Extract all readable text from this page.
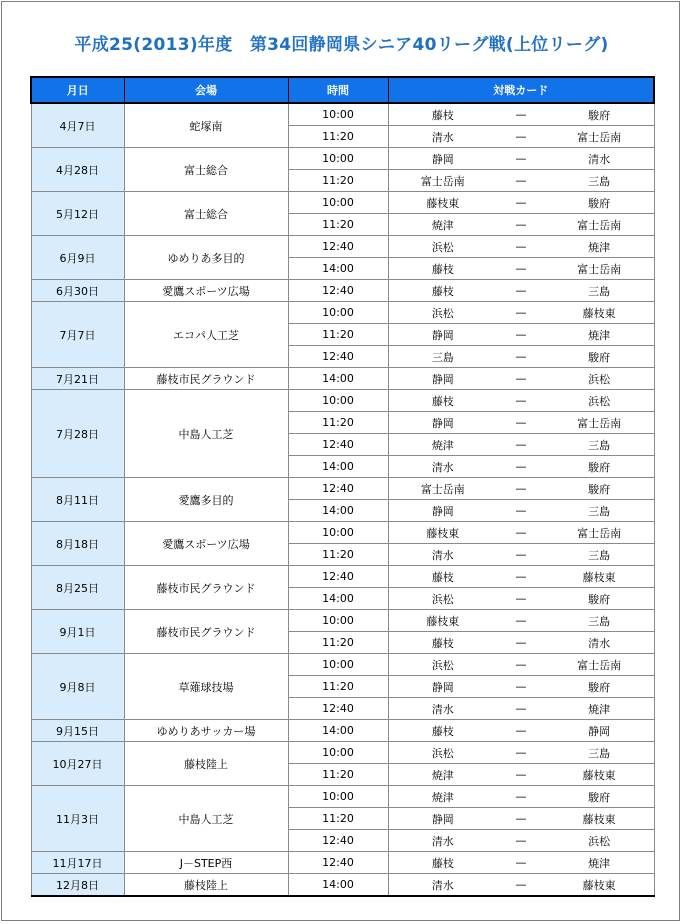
平成25(2013)年度　第34回静岡県シニア40リーグ戦(上位リーグ)
月日	会場	時間	対戦カード
4月7日	蛇塚南	10:00	藤枝 — 駿府

		11:20	清水 — 富士岳南

4月28日	富士総合	10:00	静岡 — 清水

		11:20	富士岳南 — 三島

5月12日	富士総合	10:00	藤枝東 — 駿府

		11:20	焼津 — 富士岳南

6月9日	ゆめりあ多目的	12:40	浜松 — 焼津

		14:00	藤枝 — 富士岳南

6月30日	愛鷹スポーツ広場	12:40	藤枝 — 三島

7月7日	エコパ人工芝	10:00	浜松 — 藤枝東

		11:20	静岡 — 焼津

		12:40	三島 — 駿府

7月21日	藤枝市民グラウンド	14:00	静岡 — 浜松

7月28日	中島人工芝	10:00	藤枝 — 浜松

		11:20	静岡 — 富士岳南

		12:40	焼津 — 三島

		14:00	清水 — 駿府

8月11日	愛鷹多目的	12:40	富士岳南 — 駿府

		14:00	静岡 — 三島

8月18日	愛鷹スポーツ広場	10:00	藤枝東 — 富士岳南

		11:20	清水 — 三島

8月25日	藤枝市民グラウンド	12:40	藤枝 — 藤枝東

		14:00	浜松 — 駿府

9月1日	藤枝市民グラウンド	10:00	藤枝東 — 三島

		11:20	藤枝 — 清水

9月8日	草薙球技場	10:00	浜松 — 富士岳南

		11:20	静岡 — 駿府

		12:40	清水 — 焼津

9月15日	ゆめりあサッカー場	14:00	藤枝 — 静岡

10月27日	藤枝陸上	10:00	浜松 — 三島

		11:20	焼津 — 藤枝東

11月3日	中島人工芝	10:00	焼津 — 駿府

		11:20	静岡 — 藤枝東

		12:40	清水 — 浜松

11月17日	J－STEP西	12:40	藤枝 — 焼津

12月8日	藤枝陸上	14:00	清水 — 藤枝東
